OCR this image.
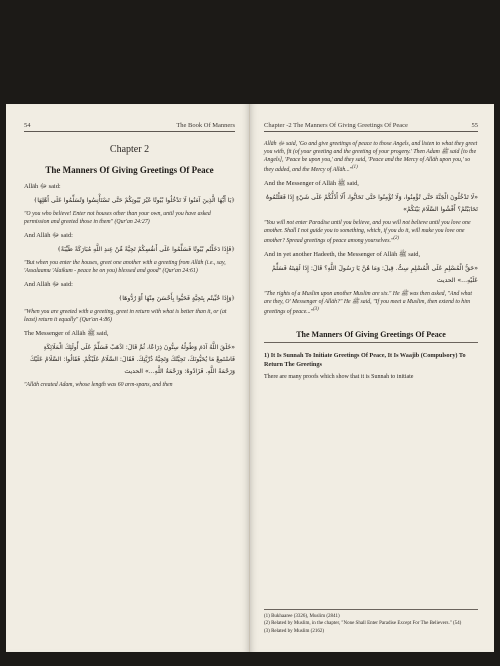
54	The Book Of Manners
Chapter 2
The Manners Of Giving Greetings Of Peace
Allāh ﷻ said:
﴿يَا أَيُّهَا الَّذِينَ آمَنُوا لَا تَدْخُلُوا بُيُوتًا غَيْرَ بُيُوتِكُمْ حَتَّى تَسْتَأْنِسُوا وَتُسَلِّمُوا عَلَى أَهْلِهَا﴾
"O you who believe! Enter not houses other than your own, until you have asked permission and greeted those in them" (Qur'an 24:27)
And Allāh ﷻ said:
﴿فَإِذَا دَخَلْتُم بُيُوتًا فَسَلِّمُوا عَلَى أَنفُسِكُمْ تَحِيَّةً مِّنْ عِندِ اللَّهِ مُبَارَكَةً طَيِّبَةً﴾
"But when you enter the houses, greet one another with a greeting from Allāh (i.e., say, 'Assalaamu 'Alaikum - peace be on you) blessed and good" (Qur'an 24:61)
And Allāh ﷻ said:
﴿وَإِذَا حُيِّيتُم بِتَحِيَّةٍ فَحَيُّوا بِأَحْسَنَ مِنْهَا أَوْ رُدُّوهَا﴾
"When you are greeted with a greeting, greet in return with what is better than it, or (at least) return it equally" (Qur'an 4:86)
The Messenger of Allāh ﷺ said,
«خَلَقَ اللَّهُ آدَمَ وَطُولُهُ سِتُّونَ ذِرَاعًا، ثُمَّ قَالَ: اذْهَبْ فَسَلِّمْ عَلَى أُولَئِكَ الْمَلَائِكَةِ فَاسْتَمِعْ مَا يُحَيُّونَكَ، تَحِيَّتُكَ وَتَحِيَّةُ ذُرِّيَّتِكَ. فَقَالَ: السَّلَامُ عَلَيْكُمْ. فَقَالُوا: السَّلَامُ عَلَيْكَ وَرَحْمَةُ اللَّهِ. فَزَادُوهُ: وَرَحْمَةُ اللَّهِ...» الحديث
"Allāh created Adam, whose length was 60 arm-spans, and then
Chapter -2 The Manners Of Giving Greetings Of Peace	55
Allāh ﷻ said, 'Go and give greetings of peace to those Angels, and listen to what they greet you with, fit (of your greeting and the greeting of your progeny.' Then Adam ﷺ said [to the Angels], 'Peace be upon you,' and they said, 'Peace and the Mercy of Allāh upon you,' so they added, and the Mercy of Allāh..."$^{(1)}$
And the Messenger of Allāh ﷺ said,
«لَا تَدْخُلُونَ الْجَنَّةَ حَتَّى تُؤْمِنُوا، وَلَا تُؤْمِنُوا حَتَّى تَحَابُّوا، أَلَا أَدُلُّكُمْ عَلَى شَيْءٍ إِذَا فَعَلْتُمُوهُ تَحَابَبْتُمْ؟ أَفْشُوا السَّلَامَ بَيْنَكُمْ»
"You will not enter Paradise until you believe, and you will not believe until you love one another. Shall I not guide you to something, which, if you do it, will make you love one another? Spread greetings of peace among yourselves."$^{(2)}$
And in yet another Hadeeth, the Messenger of Allāh ﷺ said,
«حَقُّ الْمُسْلِمِ عَلَى الْمُسْلِمِ سِتٌّ. قِيلَ: وَمَا هُنَّ يَا رَسُولَ اللَّهِ؟ قَالَ: إِذَا لَقِيتَهُ فَسَلِّمْ عَلَيْهِ...» الحديث
"The rights of a Muslim upon another Muslim are six." He ﷺ was then asked, "And what are they, O' Messenger of Allāh?" He ﷺ said, "If you meet a Muslim, then extend to him greetings of peace..."$^{(3)}$
The Manners Of Giving Greetings Of Peace
1) It Is Sunnah To Initiate Greetings Of Peace, It Is Waajib (Compulsory) To Return The Greetings
There are many proofs which show that it is Sunnah to initiate
(1) Bukhaaree (3326), Muslim (2841)
(2) Related by Muslim, in the chapter, "None Shall Enter Paradise Except For The Believers." (54)
(3) Related by Muslim (2162)
